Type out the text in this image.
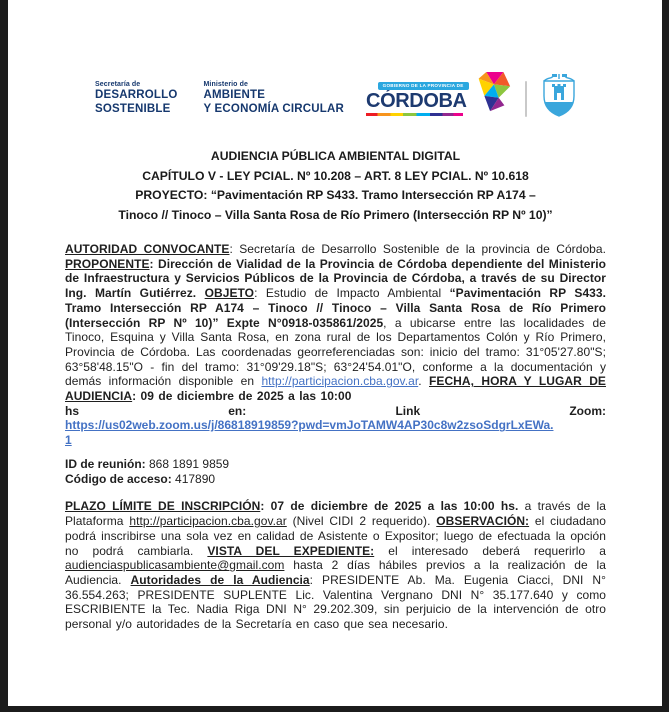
Secretaría de
DESARROLLO
SOSTENIBLE
Ministerio de
AMBIENTE
Y ECONOMÍA CIRCULAR
GOBIERNO DE LA PROVINCIA DE
CÓRDOBA
AUDIENCIA PÚBLICA AMBIENTAL DIGITAL
CAPÍTULO V - LEY PCIAL. Nº 10.208 – ART. 8 LEY PCIAL. Nº 10.618
PROYECTO: “Pavimentación RP S433. Tramo Intersección RP A174 –
Tinoco // Tinoco – Villa Santa Rosa de Río Primero (Intersección RP Nº 10)”
AUTORIDAD CONVOCANTE: Secretaría de Desarrollo Sostenible de la provincia de Córdoba. PROPONENTE: Dirección de Vialidad de la Provincia de Córdoba dependiente del Ministerio de Infraestructura y Servicios Públicos de la Provincia de Córdoba, a través de su Director Ing. Martín Gutiérrez. OBJETO: Estudio de Impacto Ambiental “Pavimentación RP S433. Tramo Intersección RP A174 – Tinoco // Tinoco – Villa Santa Rosa de Río Primero (Intersección RP Nº 10)” Expte N°0918-035861/2025, a ubicarse entre las localidades de Tinoco, Esquina y Villa Santa Rosa, en zona rural de los Departamentos Colón y Río Primero, Provincia de Córdoba. Las coordenadas georreferenciadas son: inicio del tramo: 31°05'27.80"S; 63°58'48.15"O - fin del tramo: 31°09'29.18"S; 63°24'54.01"O, conforme a la documentación y demás información disponible en http://participacion.cba.gov.ar. FECHA, HORA Y LUGAR DE AUDIENCIA: 09 de diciembre de 2025 a las 10:00
hs	en:	Link	Zoom:
https://us02web.zoom.us/j/86818919859?pwd=vmJoTAMW4AP30c8w2zsoSdgrLxEWa.
1
ID de reunión: 868 1891 9859
Código de acceso: 417890
PLAZO LÍMITE DE INSCRIPCIÓN: 07 de diciembre de 2025 a las 10:00 hs. a través de la Plataforma http://participacion.cba.gov.ar (Nivel CIDI 2 requerido). OBSERVACIÓN: el ciudadano podrá inscribirse una sola vez en calidad de Asistente o Expositor; luego de efectuada la opción no podrá cambiarla. VISTA DEL EXPEDIENTE: el interesado deberá requerirlo a audienciaspublicasambiente@gmail.com hasta 2 días hábiles previos a la realización de la Audiencia. Autoridades de la Audiencia: PRESIDENTE Ab. Ma. Eugenia Ciacci, DNI N° 36.554.263; PRESIDENTE SUPLENTE Lic. Valentina Vergnano DNI N° 35.177.640 y como ESCRIBIENTE la Tec. Nadia Riga DNI N° 29.202.309, sin perjuicio de la intervención de otro personal y/o autoridades de la Secretaría en caso que sea necesario.
